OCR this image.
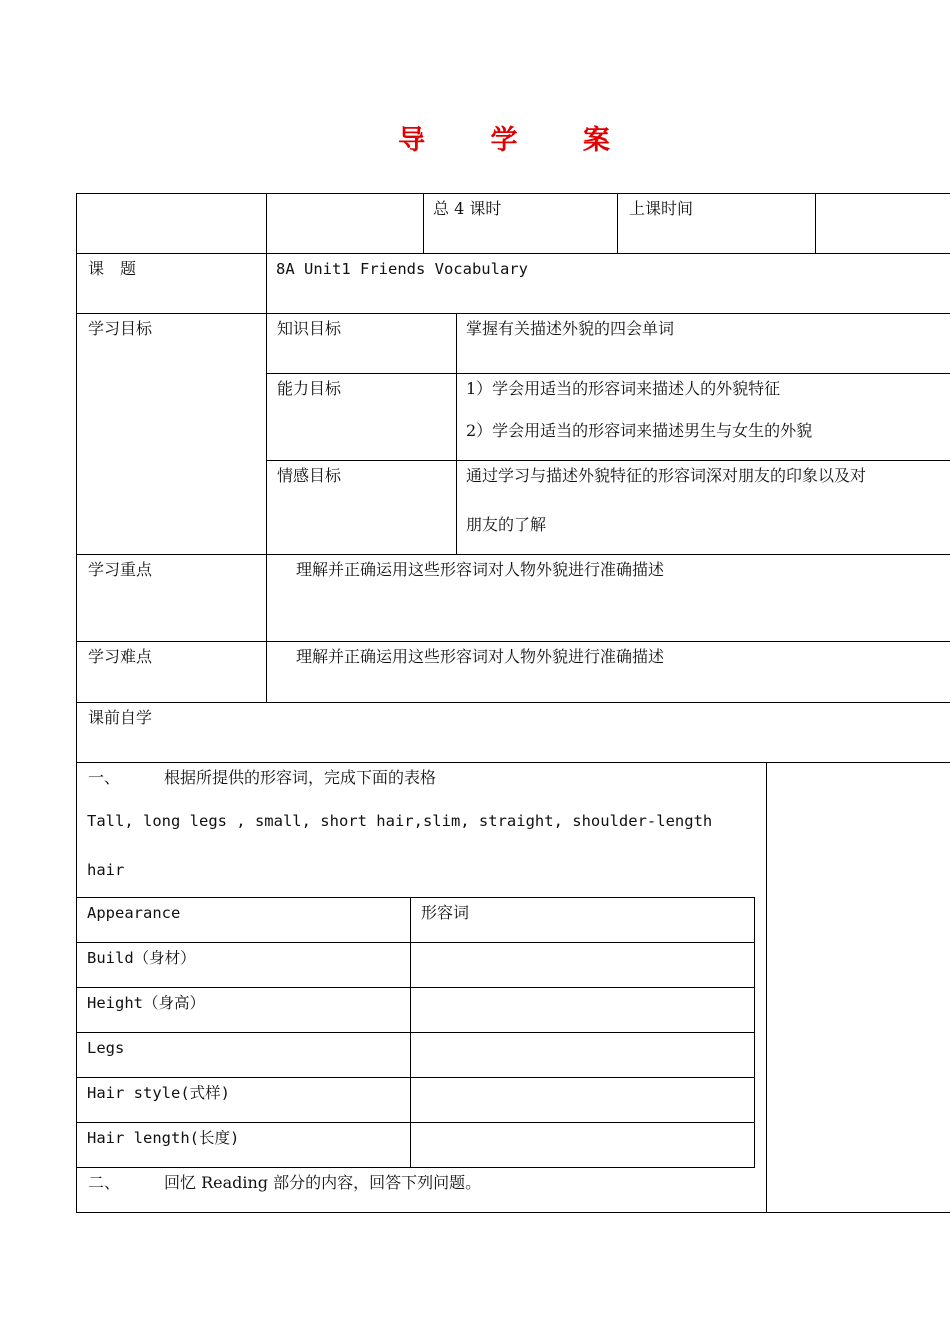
导 学 案
总 4 课时	上课时间
课　题	8A Unit1 Friends Vocabulary
学习目标	知识目标	掌握有关描述外貌的四会单词
能力目标	1）学会用适当的形容词来描述人的外貌特征
2）学会用适当的形容词来描述男生与女生的外貌
情感目标	通过学习与描述外貌特征的形容词深对朋友的印象以及对
朋友的了解
学习重点	理解并正确运用这些形容词对人物外貌进行准确描述
学习难点	理解并正确运用这些形容词对人物外貌进行准确描述
课前自学
一、	根据所提供的形容词，完成下面的表格
Tall, long legs , small, short hair,slim, straight, shoulder-length
hair
Appearance	形容词
Build（身材）
Height（身高）
Legs
Hair style(式样)
Hair length(长度)
二、	回忆 Reading 部分的内容，回答下列问题。
